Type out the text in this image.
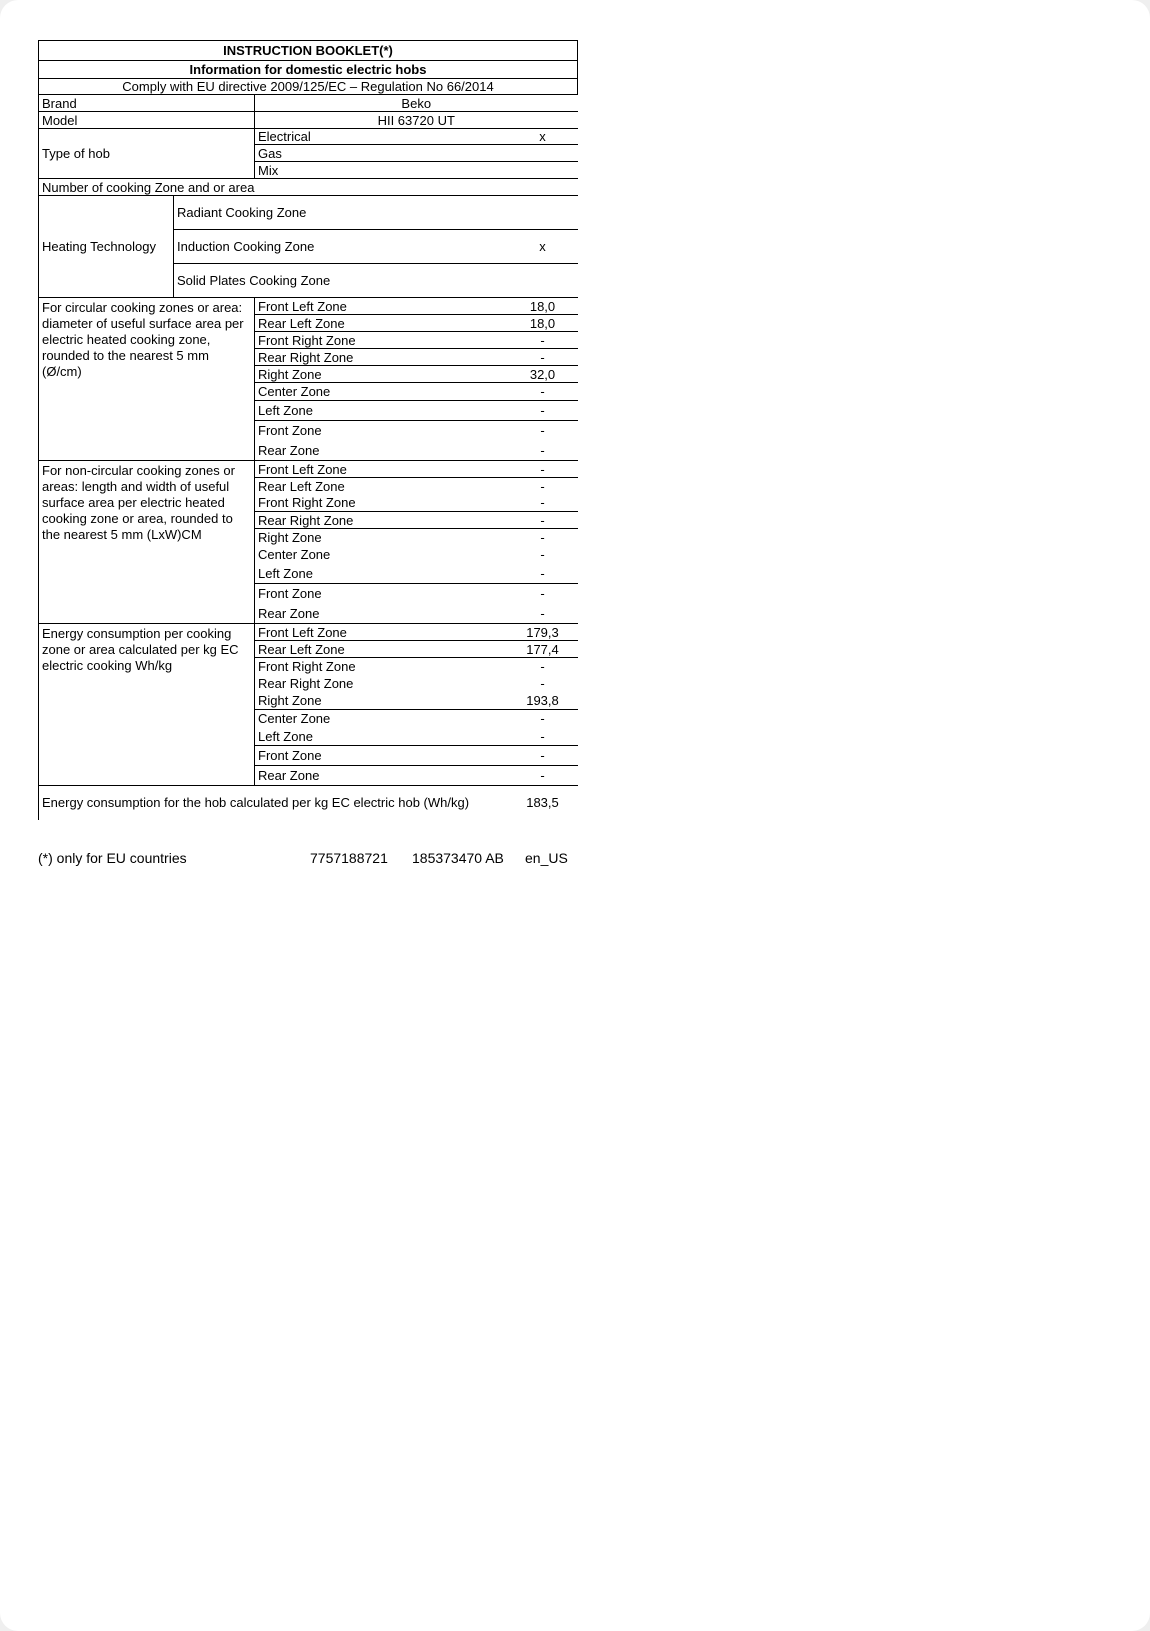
INSTRUCTION BOOKLET(*)			
Information for domestic electric hobs			
Comply with EU directive 2009/125/EC – Regulation No 66/2014			
Brand		Beko	
Model		HII 63720 UT	
Type of hob		Electrical	x
		Gas	
		Mix	
Number of cooking Zone and or area			
Heating Technology	Radiant Cooking Zone		
	Induction Cooking Zone		x
	Solid Plates Cooking Zone		
For circular cooking zones or area: diameter of useful surface area per electric heated cooking zone, rounded to the nearest 5 mm (Ø/cm)		Front Left Zone	18,0
		Rear Left Zone	18,0
		Front Right Zone	-
		Rear Right Zone	-
		Right Zone	32,0
		Center Zone	-
		Left Zone	-
		Front Zone	-
		Rear Zone	-
For non-circular cooking zones or areas: length and width of useful surface area per electric heated cooking zone or area, rounded to the nearest 5 mm (LxW)CM		Front Left Zone	-
		Rear Left Zone	-
		Front Right Zone	-
		Rear Right Zone	-
		Right Zone	-
		Center Zone	-
		Left Zone	-
		Front Zone	-
		Rear Zone	-
Energy consumption per cooking zone or area calculated per kg EC electric cooking Wh/kg		Front Left Zone	179,3
		Rear Left Zone	177,4
		Front Right Zone	-
		Rear Right Zone	-
		Right Zone	193,8
		Center Zone	-
		Left Zone	-
		Front Zone	-
		Rear Zone	-
Energy consumption for the hob calculated per kg EC electric hob (Wh/kg)			183,5
(*) only for EU countries	7757188721 185373470 AB en_US
